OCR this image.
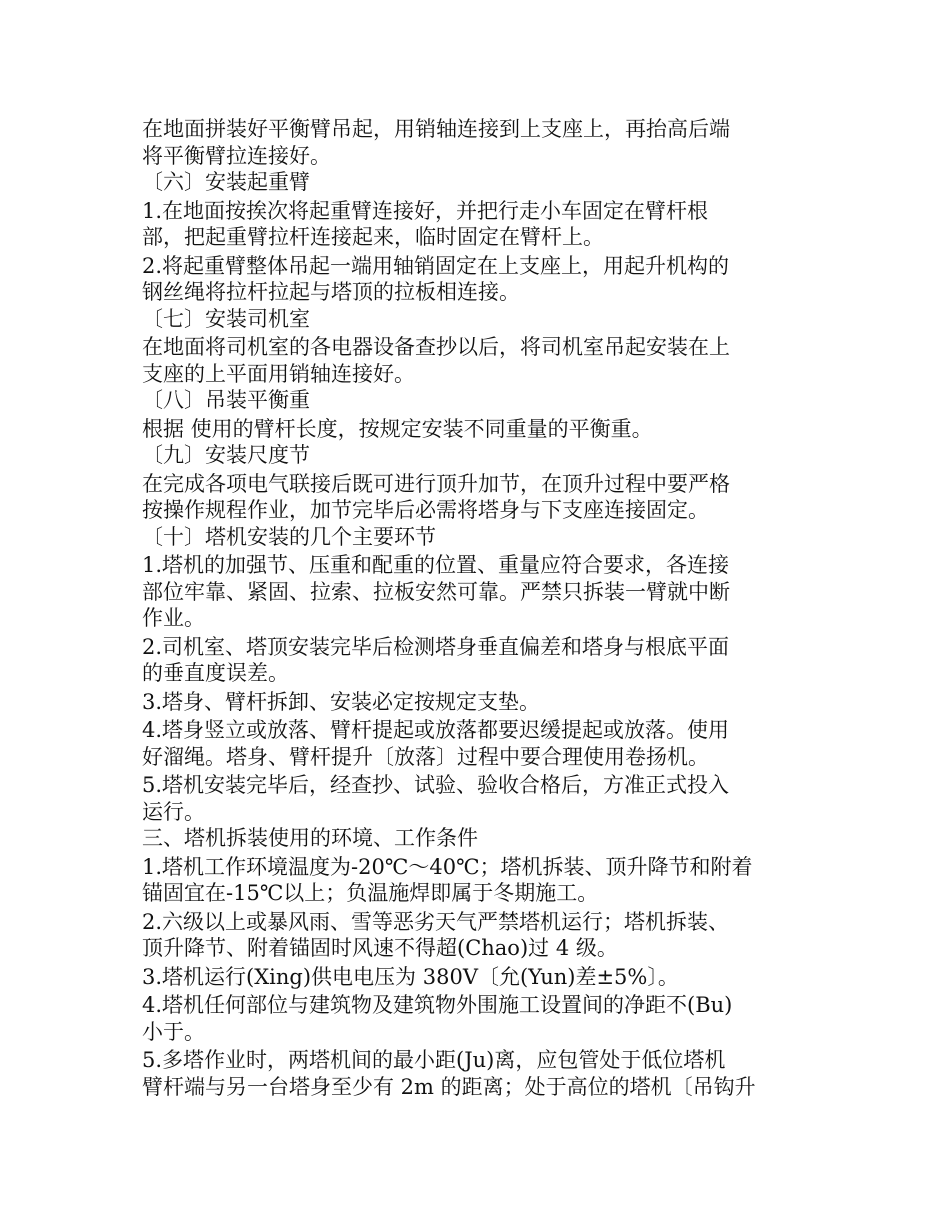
在地面拼装好平衡臂吊起，用销轴连接到上支座上，再抬高后端
将平衡臂拉连接好。
〔六〕安装起重臂
1.在地面按挨次将起重臂连接好，并把行走小车固定在臂杆根
部，把起重臂拉杆连接起来，临时固定在臂杆上。
2.将起重臂整体吊起一端用轴销固定在上支座上，用起升机构的
钢丝绳将拉杆拉起与塔顶的拉板相连接。
〔七〕安装司机室
在地面将司机室的各电器设备查抄以后，将司机室吊起安装在上
支座的上平面用销轴连接好。
〔八〕吊装平衡重
根据 使用的臂杆长度，按规定安装不同重量的平衡重。
〔九〕安装尺度节
在完成各项电气联接后既可进行顶升加节，在顶升过程中要严格
按操作规程作业，加节完毕后必需将塔身与下支座连接固定。
〔十〕塔机安装的几个主要环节
1.塔机的加强节、压重和配重的位置、重量应符合要求，各连接
部位牢靠、紧固、拉索、拉板安然可靠。严禁只拆装一臂就中断
作业。
2.司机室、塔顶安装完毕后检测塔身垂直偏差和塔身与根底平面
的垂直度误差。
3.塔身、臂杆拆卸、安装必定按规定支垫。
4.塔身竖立或放落、臂杆提起或放落都要迟缓提起或放落。使用
好溜绳。塔身、臂杆提升〔放落〕过程中要合理使用卷扬机。
5.塔机安装完毕后，经查抄、试验、验收合格后，方准正式投入
运行。
三、塔机拆装使用的环境、工作条件
1.塔机工作环境温度为-20℃～40℃；塔机拆装、顶升降节和附着
锚固宜在-15℃以上；负温施焊即属于冬期施工。
2.六级以上或暴风雨、雪等恶劣天气严禁塔机运行；塔机拆装、
顶升降节、附着锚固时风速不得超(Chao)过 4 级。
3.塔机运行(Xing)供电电压为 380V〔允(Yun)差±5%〕。
4.塔机任何部位与建筑物及建筑物外围施工设置间的净距不(Bu)
小于。
5.多塔作业时，两塔机间的最小距(Ju)离，应包管处于低位塔机
臂杆端与另一台塔身至少有 2m 的距离；处于高位的塔机〔吊钩升
